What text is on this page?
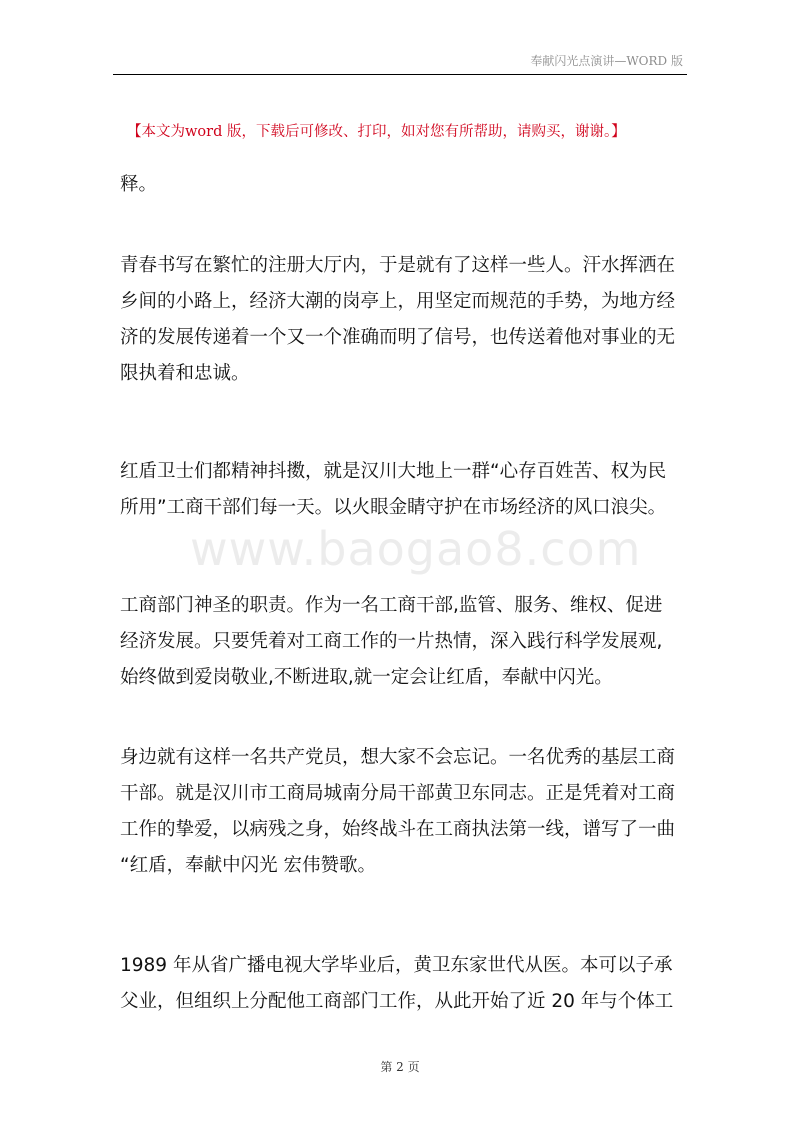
奉献闪光点演讲—WORD 版
【本文为word 版，下载后可修改、打印，如对您有所帮助，请购买，谢谢。】
www.baogao8.com
释。
青春书写在繁忙的注册大厅内，于是就有了这样一些人。汗水挥洒在
乡间的小路上，经济大潮的岗亭上，用坚定而规范的手势，为地方经
济的发展传递着一个又一个准确而明了信号，也传送着他对事业的无
限执着和忠诚。
红盾卫士们都精神抖擞，就是汉川大地上一群“心存百姓苦、权为民
所用”工商干部们每一天。以火眼金睛守护在市场经济的风口浪尖。
工商部门神圣的职责。作为一名工商干部,监管、服务、维权、促进
经济发展。只要凭着对工商工作的一片热情，深入践行科学发展观,
始终做到爱岗敬业,不断进取,就一定会让红盾，奉献中闪光。
身边就有这样一名共产党员，想大家不会忘记。一名优秀的基层工商
干部。就是汉川市工商局城南分局干部黄卫东同志。正是凭着对工商
工作的挚爱，以病残之身，始终战斗在工商执法第一线，谱写了一曲
“红盾，奉献中闪光 宏伟赞歌。
1989 年从省广播电视大学毕业后，黄卫东家世代从医。本可以子承
父业，但组织上分配他工商部门工作，从此开始了近 20 年与个体工
第 2 页
